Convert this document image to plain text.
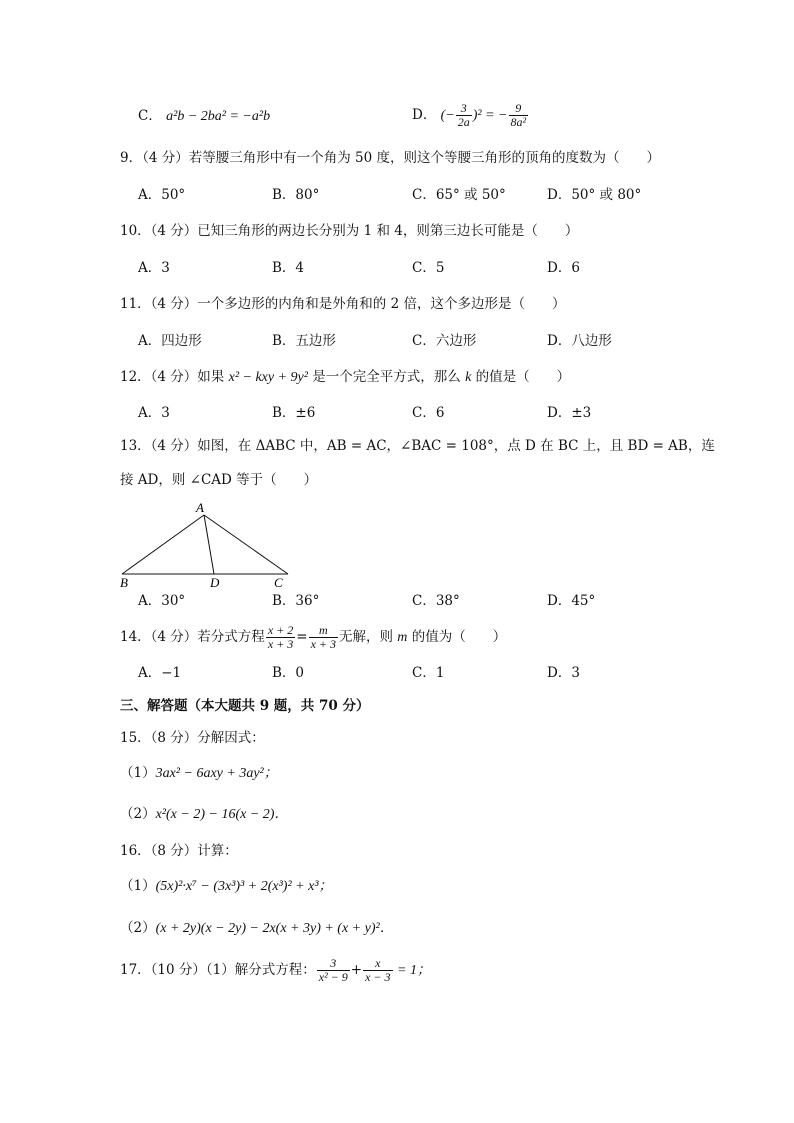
C． a²b − 2ba² = −a²b	D． (− $\frac{3}{2a} )^2$ = − $\frac{9}{\text{8a²}}$
9．（4 分）若等腰三角形中有一个角为 50 度，则这个等腰三角形的顶角的度数为（　　）
A．50°	B．80°	C．65° 或 50°	D．50° 或 80°
10．（4 分）已知三角形的两边长分别为 1 和 4，则第三边长可能是（　　）
A．3	B．4	C．5	D．6
11．（4 分）一个多边形的内角和是外角和的 2 倍，这个多边形是（　　）
A．四边形	B．五边形	C．六边形	D．八边形
12．（4 分）如果 x² − kxy + 9y² 是一个完全平方式，那么 k 的值是（　　）
A．3	B．±6	C．6	D．±3
13．（4 分）如图，在 ΔABC 中，AB = AC，∠BAC = 108°，点 D 在 BC 上，且 BD = AB，连
接 AD，则 ∠CAD 等于（　　）
A
B	D	C
A．30°	B．36°	C．38°	D．45°
14．（4 分）若分式方程 $\frac{x + 2}{x + 3} = \frac{m}{x + 3}$ 无解，则 m 的值为（　　）
A．−1	B．0	C．1	D．3
三、解答题（本大题共 9 题，共 70 分）
15．（8 分）分解因式：
（1）3ax² − 6axy + 3ay²；
（2）x²(x − 2) − 16(x − 2)．
16．（8 分）计算：
（1）(5x)²·x⁷ − (3x³)³ + 2(x³)² + x³；
（2）(x + 2y)(x − 2y) − 2x(x + 3y) + (x + y)²．
17．（10 分）（1）解分式方程： $\frac{3}{\text{x² − 9}} + \frac{x}{x - 3} = 1$；
